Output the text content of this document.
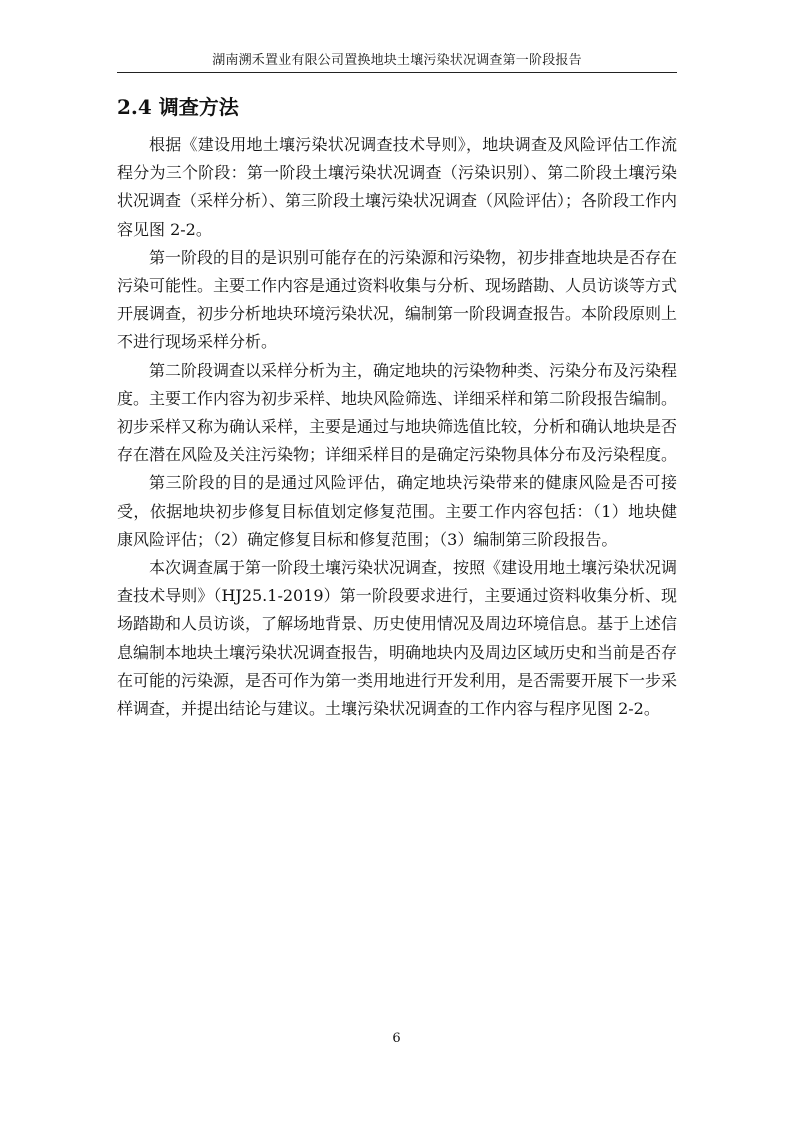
湖南溯禾置业有限公司置换地块土壤污染状况调查第一阶段报告
2.4 调查方法

根据《建设用地土壤污染状况调查技术导则》，地块调查及风险评估工作流程分为三个阶段：第一阶段土壤污染状况调查（污染识别）、第二阶段土壤污染状况调查（采样分析）、第三阶段土壤污染状况调查（风险评估）；各阶段工作内容见图 2-2。

第一阶段的目的是识别可能存在的污染源和污染物，初步排查地块是否存在污染可能性。主要工作内容是通过资料收集与分析、现场踏勘、人员访谈等方式开展调查，初步分析地块环境污染状况，编制第一阶段调查报告。本阶段原则上不进行现场采样分析。

第二阶段调查以采样分析为主，确定地块的污染物种类、污染分布及污染程度。主要工作内容为初步采样、地块风险筛选、详细采样和第二阶段报告编制。初步采样又称为确认采样，主要是通过与地块筛选值比较，分析和确认地块是否存在潜在风险及关注污染物；详细采样目的是确定污染物具体分布及污染程度。

第三阶段的目的是通过风险评估，确定地块污染带来的健康风险是否可接受，依据地块初步修复目标值划定修复范围。主要工作内容包括：（1）地块健康风险评估；（2）确定修复目标和修复范围；（3）编制第三阶段报告。

本次调查属于第一阶段土壤污染状况调查，按照《建设用地土壤污染状况调查技术导则》（HJ25.1-2019）第一阶段要求进行，主要通过资料收集分析、现场踏勘和人员访谈，了解场地背景、历史使用情况及周边环境信息。基于上述信息编制本地块土壤污染状况调查报告，明确地块内及周边区域历史和当前是否存在可能的污染源，是否可作为第一类用地进行开发利用，是否需要开展下一步采样调查，并提出结论与建议。土壤污染状况调查的工作内容与程序见图 2-2。

6
